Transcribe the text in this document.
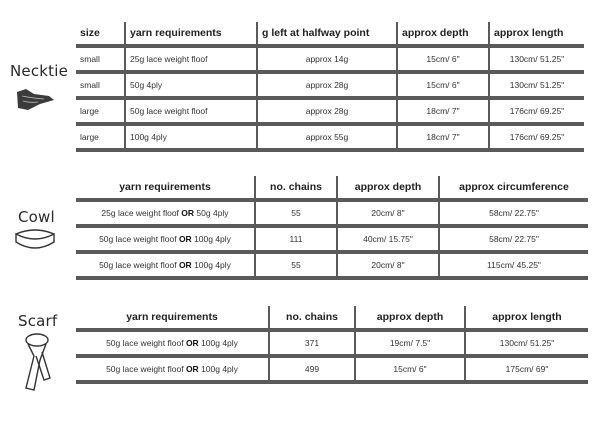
Necktie
size	yarn requirements	g left at halfway point	approx depth	approx length
small	25g lace weight floof	approx 14g	15cm/ 6"	130cm/ 51.25"
small	50g 4ply	approx 28g	15cm/ 6"	130cm/ 51.25"
large	50g lace weight floof	approx 28g	18cm/ 7"	176cm/ 69.25"
large	100g 4ply	approx 55g	18cm/ 7"	176cm/ 69.25"
Cowl
yarn requirements	no. chains	approx depth	approx circumference
25g lace weight floof OR 50g 4ply	55	20cm/ 8"	58cm/ 22.75"
50g lace weight floof OR 100g 4ply	111	40cm/ 15.75"	58cm/ 22.75"
50g lace weight floof OR 100g 4ply	55	20cm/ 8"	115cm/ 45.25"
Scarf	yarn requirements	no. chains	approx depth	approx length
50g lace weight floof OR 100g 4ply	371	19cm/ 7.5"	130cm/ 51.25"
50g lace weight floof OR 100g 4ply	499	15cm/ 6"	175cm/ 69"
